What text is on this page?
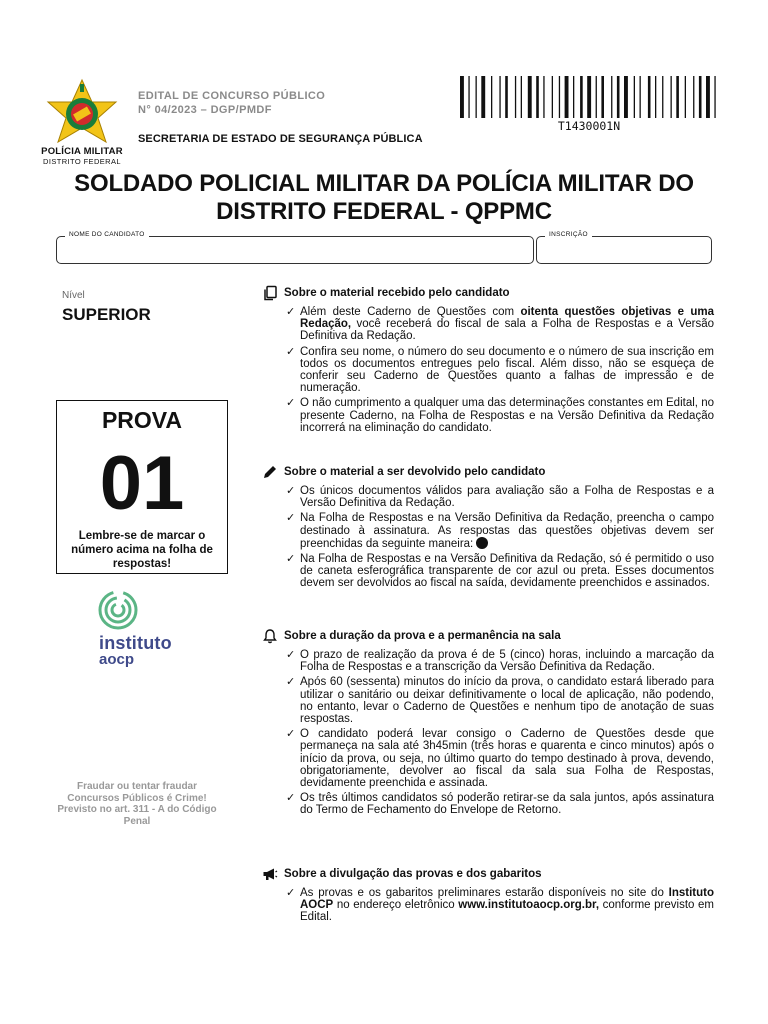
POLÍCIA MILITAR
DISTRITO FEDERAL
EDITAL DE CONCURSO PÚBLICO
N° 04/2023 – DGP/PMDF
SECRETARIA DE ESTADO DE SEGURANÇA PÚBLICA
T1430001N
SOLDADO POLICIAL MILITAR DA POLÍCIA MILITAR DO
DISTRITO FEDERAL - QPPMC
NOME DO CANDIDATO	INSCRIÇÃO
Nível
SUPERIOR
PROVA
01
Lembre-se de marcar o número acima na folha de respostas!
instituto
aocp
Fraudar ou tentar fraudar Concursos Públicos é Crime! Previsto no art. 311 - A do Código Penal
Sobre o material recebido pelo candidato
✓ Além deste Caderno de Questões com oitenta questões objetivas e uma Redação, você receberá do fiscal de sala a Folha de Respostas e a Versão Definitiva da Redação.
✓ Confira seu nome, o número do seu documento e o número de sua inscrição em todos os documentos entregues pelo fiscal. Além disso, não se esqueça de conferir seu Caderno de Questões quanto a falhas de impressão e de numeração.
✓ O não cumprimento a qualquer uma das determinações constantes em Edital, no presente Caderno, na Folha de Respostas e na Versão Definitiva da Redação incorrerá na eliminação do candidato.
Sobre o material a ser devolvido pelo candidato
✓ Os únicos documentos válidos para avaliação são a Folha de Respostas e a Versão Definitiva da Redação.
✓ Na Folha de Respostas e na Versão Definitiva da Redação, preencha o campo destinado à assinatura. As respostas das questões objetivas devem ser preenchidas da seguinte maneira:
✓ Na Folha de Respostas e na Versão Definitiva da Redação, só é permitido o uso de caneta esferográfica transparente de cor azul ou preta. Esses documentos devem ser devolvidos ao fiscal na saída, devidamente preenchidos e assinados.
Sobre a duração da prova e a permanência na sala
✓ O prazo de realização da prova é de 5 (cinco) horas, incluindo a marcação da Folha de Respostas e a transcrição da Versão Definitiva da Redação.
✓ Após 60 (sessenta) minutos do início da prova, o candidato estará liberado para utilizar o sanitário ou deixar definitivamente o local de aplicação, não podendo, no entanto, levar o Caderno de Questões e nenhum tipo de anotação de suas respostas.
✓ O candidato poderá levar consigo o Caderno de Questões desde que permaneça na sala até 3h45min (três horas e quarenta e cinco minutos) após o início da prova, ou seja, no último quarto do tempo destinado à prova, devendo, obrigatoriamente, devolver ao fiscal da sala sua Folha de Respostas, devidamente preenchida e assinada.
✓ Os três últimos candidatos só poderão retirar-se da sala juntos, após assinatura do Termo de Fechamento do Envelope de Retorno.
Sobre a divulgação das provas e dos gabaritos
✓ As provas e os gabaritos preliminares estarão disponíveis no site do Instituto AOCP no endereço eletrônico www.institutoaocp.org.br, conforme previsto em Edital.
